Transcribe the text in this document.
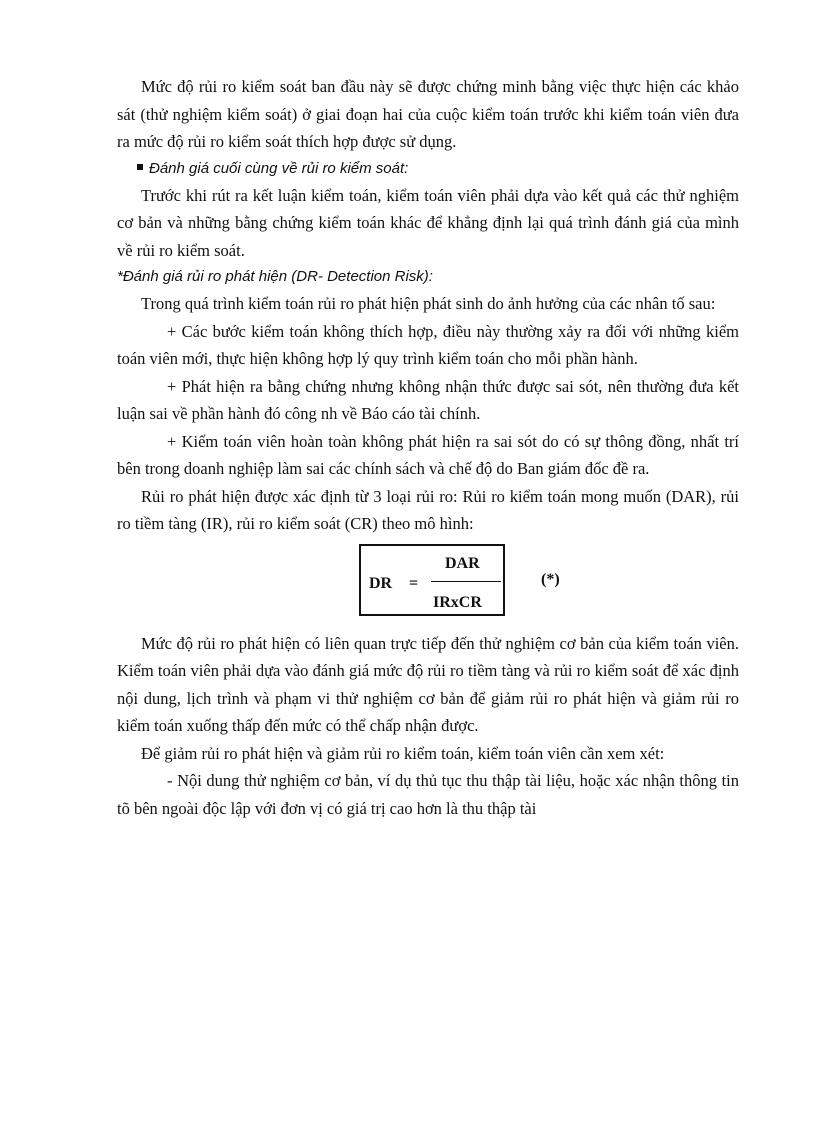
Mức độ rủi ro kiểm soát ban đầu này sẽ được chứng minh bằng việc thực hiện các khảo sát (thử nghiệm kiểm soát) ở giai đoạn hai của cuộc kiểm toán trước khi kiểm toán viên đưa ra mức độ rủi ro kiểm soát thích hợp được sử dụng.

Đánh giá cuối cùng về rủi ro kiểm soát:

Trước khi rút ra kết luận kiểm toán, kiểm toán viên phải dựa vào kết quả các thử nghiệm cơ bản và những bằng chứng kiểm toán khác để khẳng định lại quá trình đánh giá của mình về rủi ro kiểm soát.

*Đánh giá rủi ro phát hiện (DR- Detection Risk):

Trong quá trình kiểm toán rủi ro phát hiện phát sinh do ảnh hưởng của các nhân tố sau:

+ Các bước kiểm toán không thích hợp, điều này thường xảy ra đối với những kiểm toán viên mới, thực hiện không hợp lý quy trình kiểm toán cho mỗi phần hành.

+ Phát hiện ra bằng chứng nhưng không nhận thức được sai sót, nên thường đưa kết luận sai về phần hành đó công nh về Báo cáo tài chính.

+ Kiểm toán viên hoàn toàn không phát hiện ra sai sót do có sự thông đồng, nhất trí bên trong doanh nghiệp làm sai các chính sách và chế độ do Ban giám đốc đề ra.

Rủi ro phát hiện được xác định từ 3 loại rủi ro: Rủi ro kiểm toán mong muốn (DAR), rủi ro tiềm tàng (IR), rủi ro kiểm soát (CR) theo mô hình:

DR =
DAR
IRxCR
(*)

Mức độ rủi ro phát hiện có liên quan trực tiếp đến thử nghiệm cơ bản của kiểm toán viên. Kiểm toán viên phải dựa vào đánh giá mức độ rủi ro tiềm tàng và rủi ro kiểm soát để xác định nội dung, lịch trình và phạm vi thử nghiệm cơ bản để giảm rủi ro phát hiện và giảm rủi ro kiểm toán xuống thấp đến mức có thể chấp nhận được.

Để giảm rủi ro phát hiện và giảm rủi ro kiểm toán, kiểm toán viên cần xem xét:

- Nội dung thử nghiệm cơ bản, ví dụ thủ tục thu thập tài liệu, hoặc xác nhận thông tin tõ bên ngoài độc lập với đơn vị có giá trị cao hơn là thu thập tài
